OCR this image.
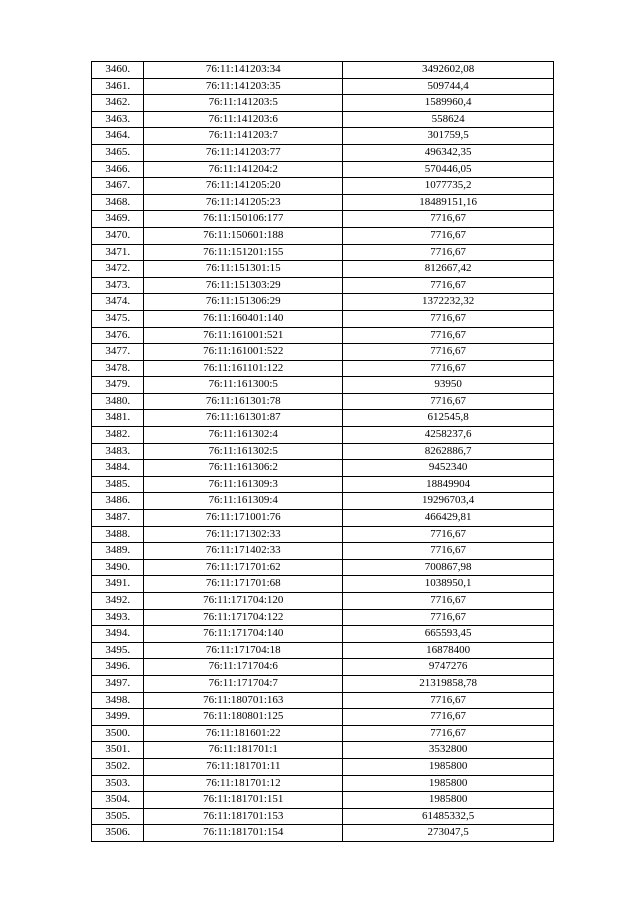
3460.	76:11:141203:34	3492602,08
3461.	76:11:141203:35	509744,4
3462.	76:11:141203:5	1589960,4
3463.	76:11:141203:6	558624
3464.	76:11:141203:7	301759,5
3465.	76:11:141203:77	496342,35
3466.	76:11:141204:2	570446,05
3467.	76:11:141205:20	1077735,2
3468.	76:11:141205:23	18489151,16
3469.	76:11:150106:177	7716,67
3470.	76:11:150601:188	7716,67
3471.	76:11:151201:155	7716,67
3472.	76:11:151301:15	812667,42
3473.	76:11:151303:29	7716,67
3474.	76:11:151306:29	1372232,32
3475.	76:11:160401:140	7716,67
3476.	76:11:161001:521	7716,67
3477.	76:11:161001:522	7716,67
3478.	76:11:161101:122	7716,67
3479.	76:11:161300:5	93950
3480.	76:11:161301:78	7716,67
3481.	76:11:161301:87	612545,8
3482.	76:11:161302:4	4258237,6
3483.	76:11:161302:5	8262886,7
3484.	76:11:161306:2	9452340
3485.	76:11:161309:3	18849904
3486.	76:11:161309:4	19296703,4
3487.	76:11:171001:76	466429,81
3488.	76:11:171302:33	7716,67
3489.	76:11:171402:33	7716,67
3490.	76:11:171701:62	700867,98
3491.	76:11:171701:68	1038950,1
3492.	76:11:171704:120	7716,67
3493.	76:11:171704:122	7716,67
3494.	76:11:171704:140	665593,45
3495.	76:11:171704:18	16878400
3496.	76:11:171704:6	9747276
3497.	76:11:171704:7	21319858,78
3498.	76:11:180701:163	7716,67
3499.	76:11:180801:125	7716,67
3500.	76:11:181601:22	7716,67
3501.	76:11:181701:1	3532800
3502.	76:11:181701:11	1985800
3503.	76:11:181701:12	1985800
3504.	76:11:181701:151	1985800
3505.	76:11:181701:153	61485332,5
3506.	76:11:181701:154	273047,5
